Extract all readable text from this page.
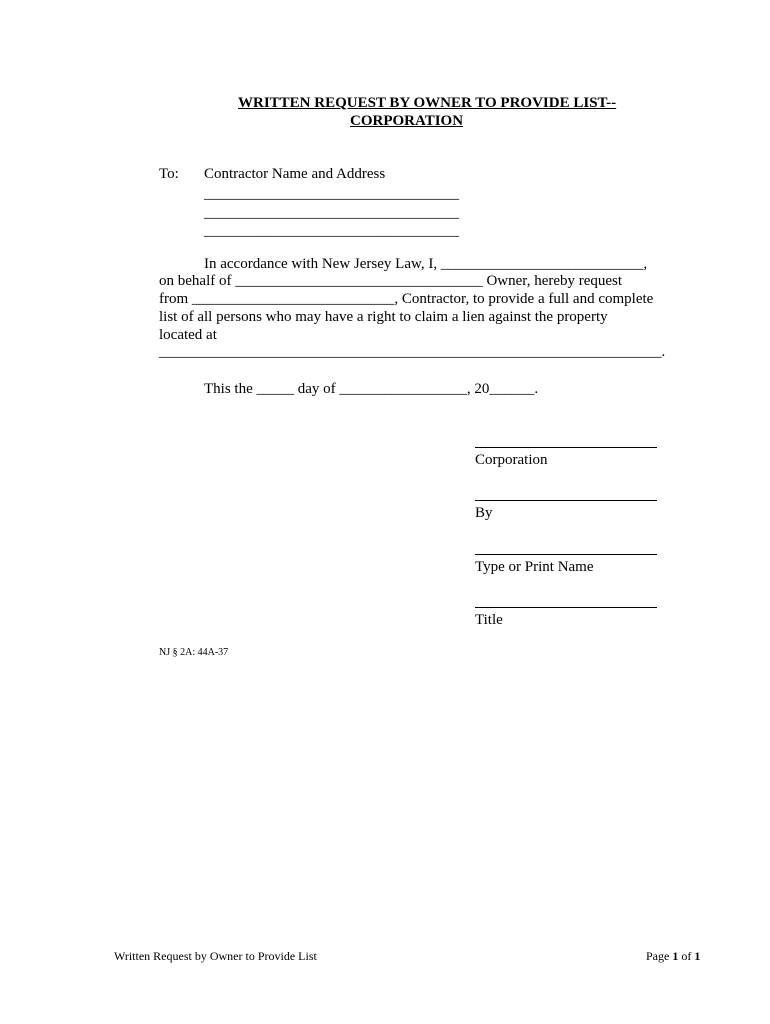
WRITTEN REQUEST BY OWNER TO PROVIDE LIST--
CORPORATION
To: Contractor Name and Address
__________________________________
__________________________________
__________________________________
In accordance with New Jersey Law, I, ___________________________,
on behalf of _________________________________ Owner, hereby request
from ___________________________, Contractor, to provide a full and complete
list of all persons who may have a right to claim a lien against the property
located at
___________________________________________________________________.
This the _____ day of _________________, 20______.
Corporation
By
Type or Print Name
Title
NJ § 2A: 44A-37
Written Request by Owner to Provide List	Page 1 of 1
